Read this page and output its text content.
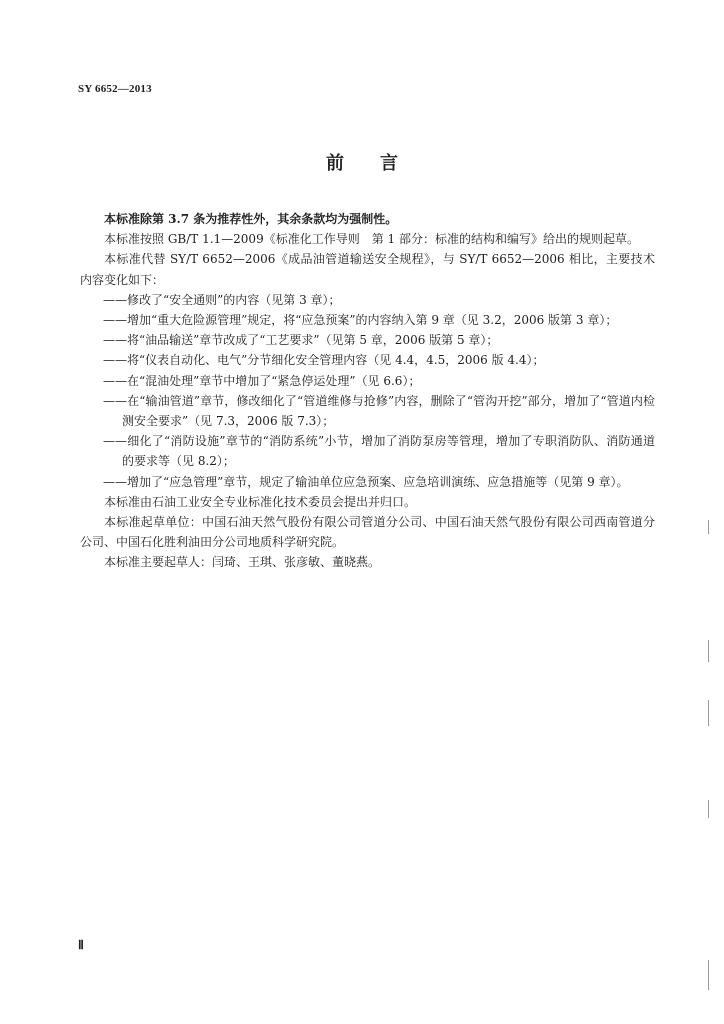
SY 6652—2013
前　　言

本标准除第 3.7 条为推荐性外，其余条款均为强制性。

本标准按照 GB/T 1.1—2009《标准化工作导则　第 1 部分：标准的结构和编写》给出的规则起草。

本标准代替 SY/T 6652—2006《成品油管道输送安全规程》，与 SY/T 6652—2006 相比，主要技术内容变化如下：

——修改了“安全通则”的内容（见第 3 章）；
——增加“重大危险源管理”规定，将“应急预案”的内容纳入第 9 章（见 3.2，2006 版第 3 章）；
——将“油品输送”章节改成了“工艺要求”（见第 5 章，2006 版第 5 章）；
——将“仪表自动化、电气”分节细化安全管理内容（见 4.4，4.5，2006 版 4.4）；
——在“混油处理”章节中增加了“紧急停运处理”（见 6.6）；
——在“输油管道”章节，修改细化了“管道维修与抢修”内容，删除了“管沟开挖”部分，增加了“管道内检测安全要求”（见 7.3，2006 版 7.3）；
——细化了“消防设施”章节的“消防系统”小节，增加了消防泵房等管理，增加了专职消防队、消防通道的要求等（见 8.2）；
——增加了“应急管理”章节，规定了输油单位应急预案、应急培训演练、应急措施等（见第 9 章）。

本标准由石油工业安全专业标准化技术委员会提出并归口。

本标准起草单位：中国石油天然气股份有限公司管道分公司、中国石油天然气股份有限公司西南管道分公司、中国石化胜利油田分公司地质科学研究院。

本标准主要起草人：闫琦、王琪、张彦敏、董晓燕。

Ⅱ
